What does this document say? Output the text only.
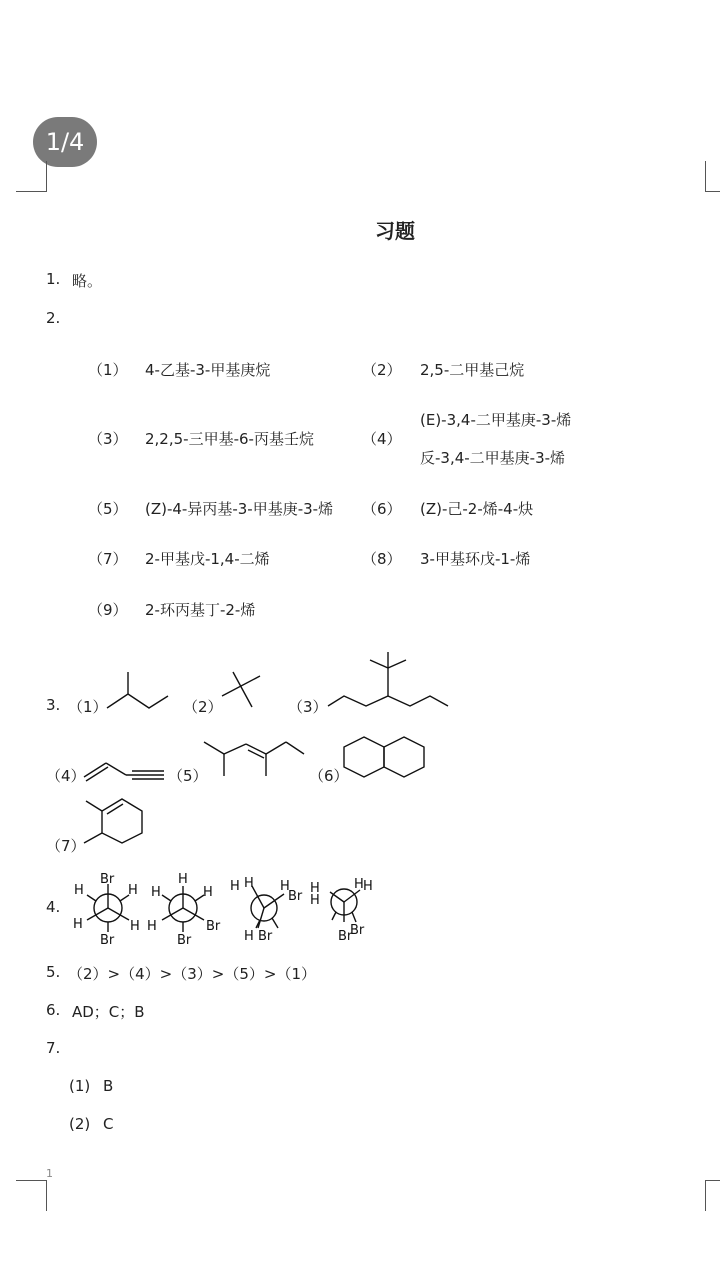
1/4
习题
1. 略。
2.
（1） 4-乙基-3-甲基庚烷	（2） 2,5-二甲基己烷
（3） 2,2,5-三甲基-6-丙基壬烷	（4）
(E)-3,4-二甲基庚-3-烯
反-3,4-二甲基庚-3-烯
（5） (Z)-4-异丙基-3-甲基庚-3-烯 （6） (Z)-己-2-烯-4-炔
（7） 2-甲基戊-1,4-二烯	（8） 3-甲基环戊-1-烯
（9） 2-环丙基丁-2-烯
3. （1）	（2）	（3）
（4）	（5）	（6）
（7）
4.
Br
H	H
H	H
Br
H
H	H
H	Br
Br
H H H
Br
H Br
H
H
H H
Br
Br
5. （2）>（4）>（3）>（5）>（1）
6. AD；C；B
7.
(1) B
(2) C
1
